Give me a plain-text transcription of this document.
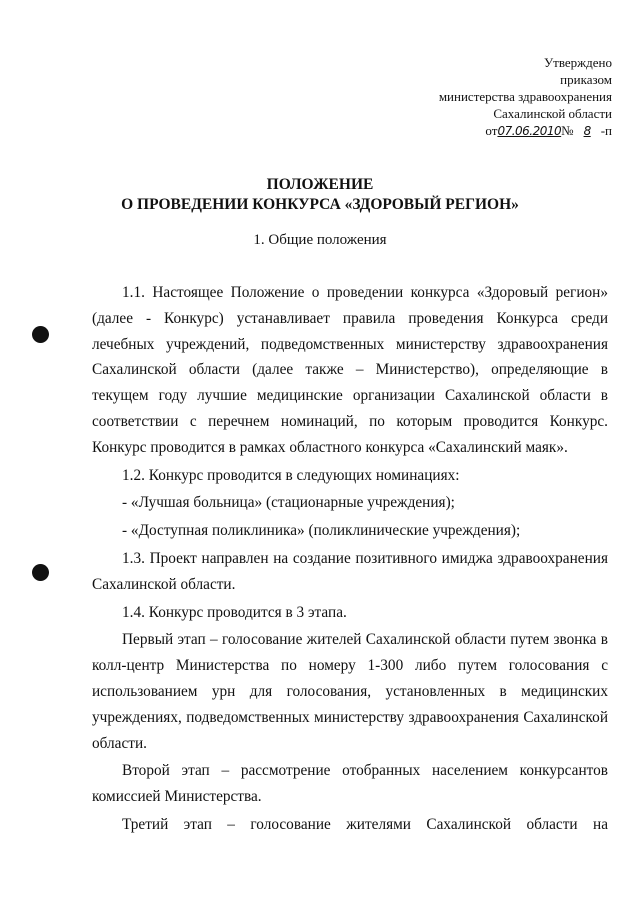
Утверждено
приказом
министерства здравоохранения
Сахалинской области
от07.06.2010№ 8 -п
ПОЛОЖЕНИЕ
О ПРОВЕДЕНИИ КОНКУРСА «ЗДОРОВЫЙ РЕГИОН»
1. Общие положения

1.1. Настоящее Положение о проведении конкурса «Здоровый регион» (далее - Конкурс) устанавливает правила проведения Конкурса среди лечебных учреждений, подведомственных министерству здравоохранения Сахалинской области (далее также – Министерство), определяющие в текущем году лучшие медицинские организации Сахалинской области в соответствии с перечнем номинаций, по которым проводится Конкурс. Конкурс проводится в рамках областного конкурса «Сахалинский маяк».

1.2. Конкурс проводится в следующих номинациях:

- «Лучшая больница» (стационарные учреждения);

- «Доступная поликлиника» (поликлинические учреждения);

1.3. Проект направлен на создание позитивного имиджа здравоохранения Сахалинской области.

1.4. Конкурс проводится в 3 этапа.

Первый этап – голосование жителей Сахалинской области путем звонка в колл-центр Министерства по номеру 1-300 либо путем голосования с использованием урн для голосования, установленных в медицинских учреждениях, подведомственных министерству здравоохранения Сахалинской области.

Второй этап – рассмотрение отобранных населением конкурсантов комиссией Министерства.

Третий этап – голосование жителями Сахалинской области на
